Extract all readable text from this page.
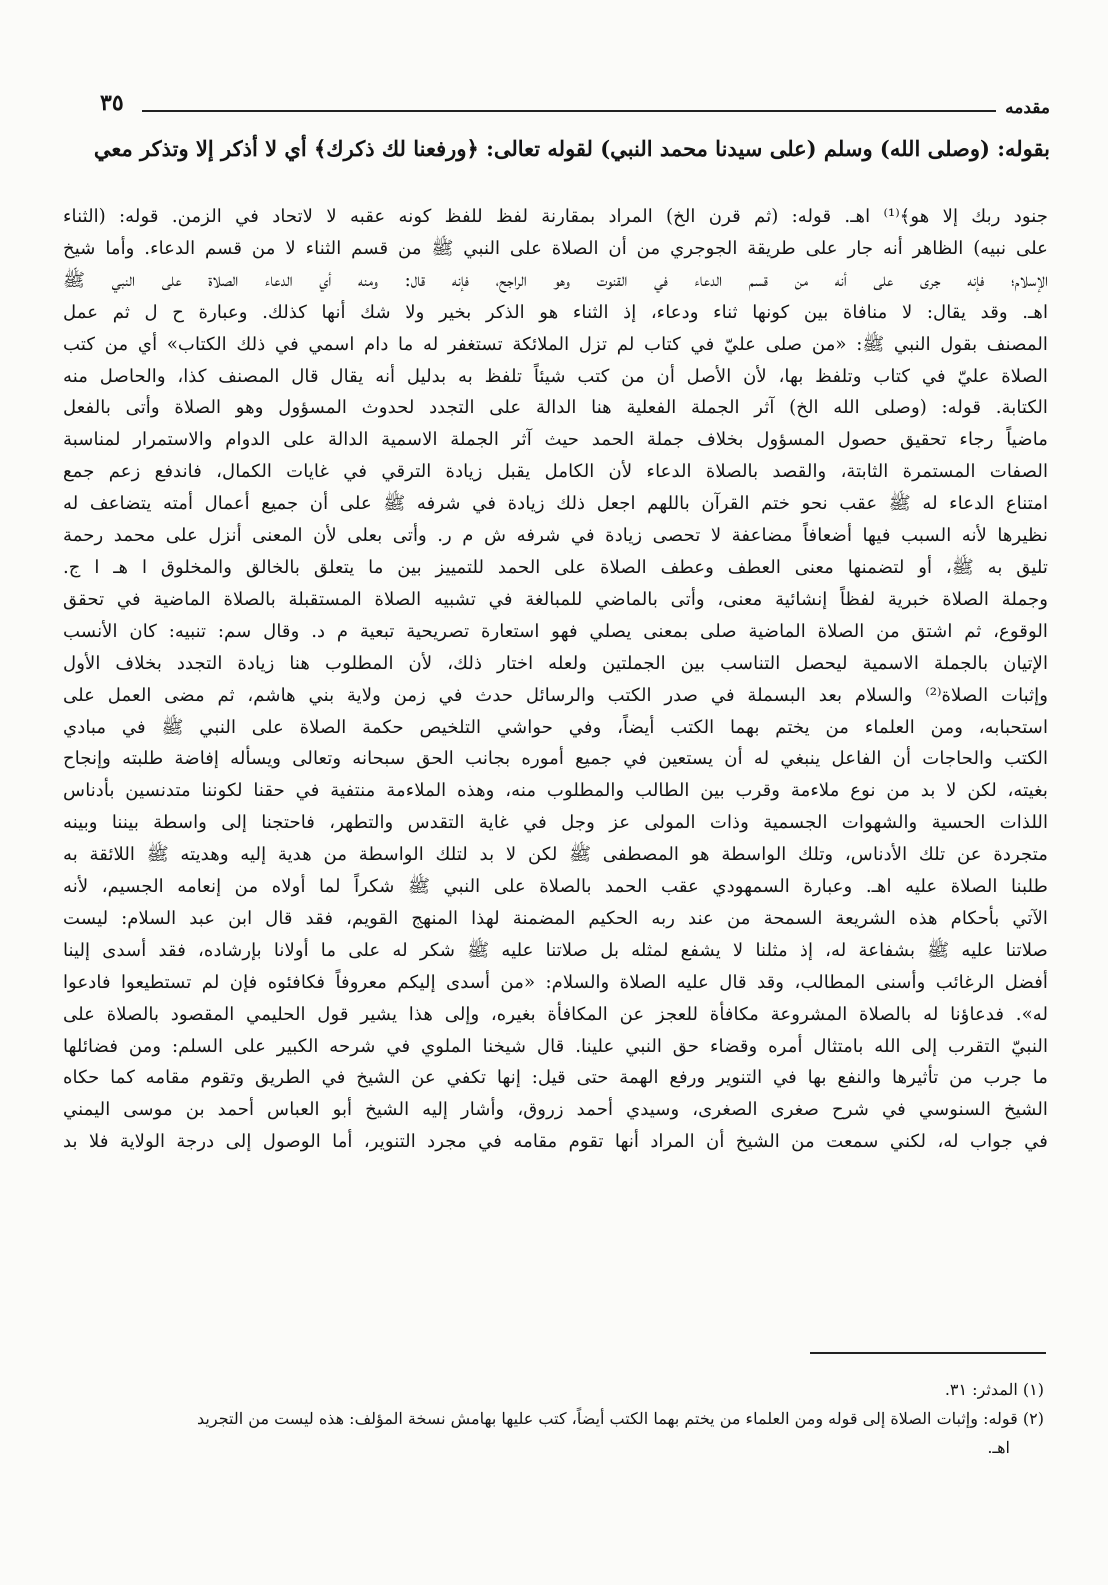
٣٥	مقدمه
بقوله: (وصلى الله) وسلم (على سيدنا محمد النبي) لقوله تعالى: ﴿ورفعنا لك ذكرك﴾ أي لا أذكر إلا وتذكر معي

جنود ربك إلا هو﴾⁽¹⁾ اهـ. قوله: (ثم قرن الخ) المراد بمقارنة لفظ للفظ كونه عقبه لا لاتحاد في الزمن. قوله: (الثناء

على نبيه) الظاهر أنه جار على طريقة الجوجري من أن الصلاة على النبي ﷺ من قسم الثناء لا من قسم الدعاء. وأما شيخ

الإسلام؛ فإنه جرى على أنه من قسم الدعاء في القنوت وهو الراجح، فإنه قال: ومنه أي الدعاء الصلاة على النبي ﷺ

اهـ. وقد يقال: لا منافاة بين كونها ثناء ودعاء، إذ الثناء هو الذكر بخير ولا شك أنها كذلك. وعبارة ح ل ثم عمل

المصنف بقول النبي ﷺ: «من صلى عليّ في كتاب لم تزل الملائكة تستغفر له ما دام اسمي في ذلك الكتاب» أي من كتب

الصلاة عليّ في كتاب وتلفظ بها، لأن الأصل أن من كتب شيئاً تلفظ به بدليل أنه يقال قال المصنف كذا، والحاصل منه

الكتابة. قوله: (وصلى الله الخ) آثر الجملة الفعلية هنا الدالة على التجدد لحدوث المسؤول وهو الصلاة وأتى بالفعل

ماضياً رجاء تحقيق حصول المسؤول بخلاف جملة الحمد حيث آثر الجملة الاسمية الدالة على الدوام والاستمرار لمناسبة

الصفات المستمرة الثابتة، والقصد بالصلاة الدعاء لأن الكامل يقبل زيادة الترقي في غايات الكمال، فاندفع زعم جمع

امتناع الدعاء له ﷺ عقب نحو ختم القرآن باللهم اجعل ذلك زيادة في شرفه ﷺ على أن جميع أعمال أمته يتضاعف له

نظيرها لأنه السبب فيها أضعافاً مضاعفة لا تحصى زيادة في شرفه ش م ر. وأتى بعلى لأن المعنى أنزل على محمد رحمة

تليق به ﷺ، أو لتضمنها معنى العطف وعطف الصلاة على الحمد للتمييز بين ما يتعلق بالخالق والمخلوق ا هـ ا ج.

وجملة الصلاة خبرية لفظاً إنشائية معنى، وأتى بالماضي للمبالغة في تشبيه الصلاة المستقبلة بالصلاة الماضية في تحقق

الوقوع، ثم اشتق من الصلاة الماضية صلى بمعنى يصلي فهو استعارة تصريحية تبعية م د. وقال سم: تنبيه: كان الأنسب

الإتيان بالجملة الاسمية ليحصل التناسب بين الجملتين ولعله اختار ذلك، لأن المطلوب هنا زيادة التجدد بخلاف الأول

وإثبات الصلاة⁽²⁾ والسلام بعد البسملة في صدر الكتب والرسائل حدث في زمن ولاية بني هاشم، ثم مضى العمل على

استحبابه، ومن العلماء من يختم بهما الكتب أيضاً، وفي حواشي التلخيص حكمة الصلاة على النبي ﷺ في مبادي

الكتب والحاجات أن الفاعل ينبغي له أن يستعين في جميع أموره بجانب الحق سبحانه وتعالى ويسأله إفاضة طلبته وإنجاح

بغيته، لكن لا بد من نوع ملاءمة وقرب بين الطالب والمطلوب منه، وهذه الملاءمة منتفية في حقنا لكوننا متدنسين بأدناس

اللذات الحسية والشهوات الجسمية وذات المولى عز وجل في غاية التقدس والتطهر، فاحتجنا إلى واسطة بيننا وبينه

متجردة عن تلك الأدناس، وتلك الواسطة هو المصطفى ﷺ لكن لا بد لتلك الواسطة من هدية إليه وهديته ﷺ اللائقة به

طلبنا الصلاة عليه اهـ. وعبارة السمهودي عقب الحمد بالصلاة على النبي ﷺ شكراً لما أولاه من إنعامه الجسيم، لأنه

الآتي بأحكام هذه الشريعة السمحة من عند ربه الحكيم المضمنة لهذا المنهج القويم، فقد قال ابن عبد السلام: ليست

صلاتنا عليه ﷺ بشفاعة له، إذ مثلنا لا يشفع لمثله بل صلاتنا عليه ﷺ شكر له على ما أولانا بإرشاده، فقد أسدى إلينا

أفضل الرغائب وأسنى المطالب، وقد قال عليه الصلاة والسلام: «من أسدى إليكم معروفاً فكافئوه فإن لم تستطيعوا فادعوا

له». فدعاؤنا له بالصلاة المشروعة مكافأة للعجز عن المكافأة بغيره، وإلى هذا يشير قول الحليمي المقصود بالصلاة على

النبيّ التقرب إلى الله بامتثال أمره وقضاء حق النبي علينا. قال شيخنا الملوي في شرحه الكبير على السلم: ومن فضائلها

ما جرب من تأثيرها والنفع بها في التنوير ورفع الهمة حتى قيل: إنها تكفي عن الشيخ في الطريق وتقوم مقامه كما حكاه

الشيخ السنوسي في شرح صغرى الصغرى، وسيدي أحمد زروق، وأشار إليه الشيخ أبو العباس أحمد بن موسى اليمني

في جواب له، لكني سمعت من الشيخ أن المراد أنها تقوم مقامه في مجرد التنوير، أما الوصول إلى درجة الولاية فلا بد

(١) المدثر: ٣١.

(٢) قوله: وإثبات الصلاة إلى قوله ومن العلماء من يختم بهما الكتب أيضاً، كتب عليها بهامش نسخة المؤلف: هذه ليست من التجريد

اهـ.
